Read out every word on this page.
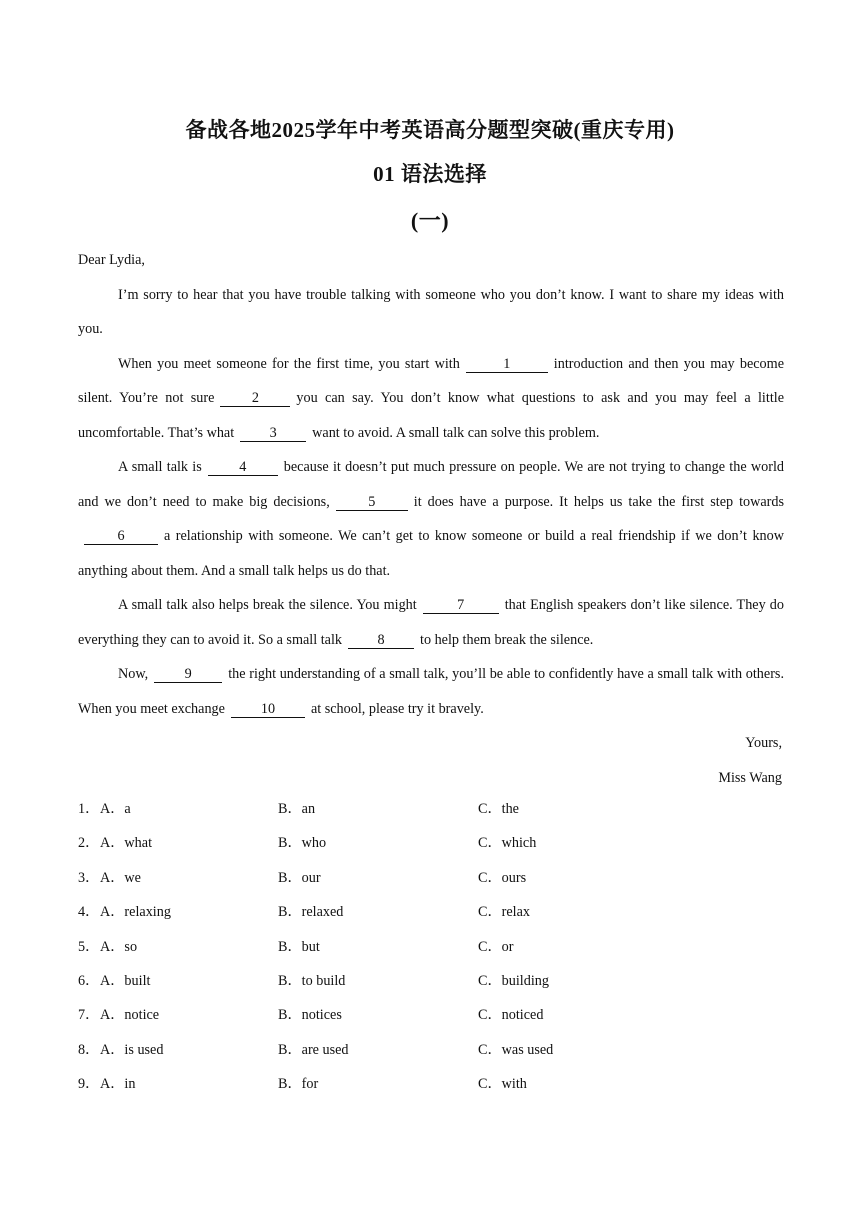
备战各地2025学年中考英语高分题型突破(重庆专用)
01 语法选择
(一)

Dear Lydia,

I’m sorry to hear that you have trouble talking with someone who you don’t know. I want to share my ideas with you.

When you meet someone for the first time, you start with	1	introduction and then you may become silent. You’re not sure	2	you can say. You don’t know what questions to ask and you may feel a little uncomfortable. That’s what 3 want to avoid. A small talk can solve this problem.

A small talk is	4	because it doesn’t put much pressure on people. We are not trying to change the world and we don’t need to make big decisions,	5	it does have a purpose. It helps us take the first step towards6	a relationship with someone. We can’t get to know someone or build a real friendship if we don’t know anything about them. And a small talk helps us do that.

A small talk also helps break the silence. You might	7	that English speakers don’t like silence. They do everything they can to avoid it. So a small talk 8 to help them break the silence.

Now,	9	the right understanding of a small talk, you’ll be able to confidently have a small talk with others. When you meet exchange	10	at school, please try it bravely.

Yours,

Miss Wang

1． A．a	B．an	C．the
2． A．what	B．who	C．which
3． A．we	B．our	C．ours
4． A．relaxing	B．relaxed	C．relax
5． A．so	B．but	C．or
6． A．built	B．to build	C．building
7． A．notice	B．notices	C．noticed
8． A．is used	B．are used	C．was used
9． A．in	B．for	C．with
